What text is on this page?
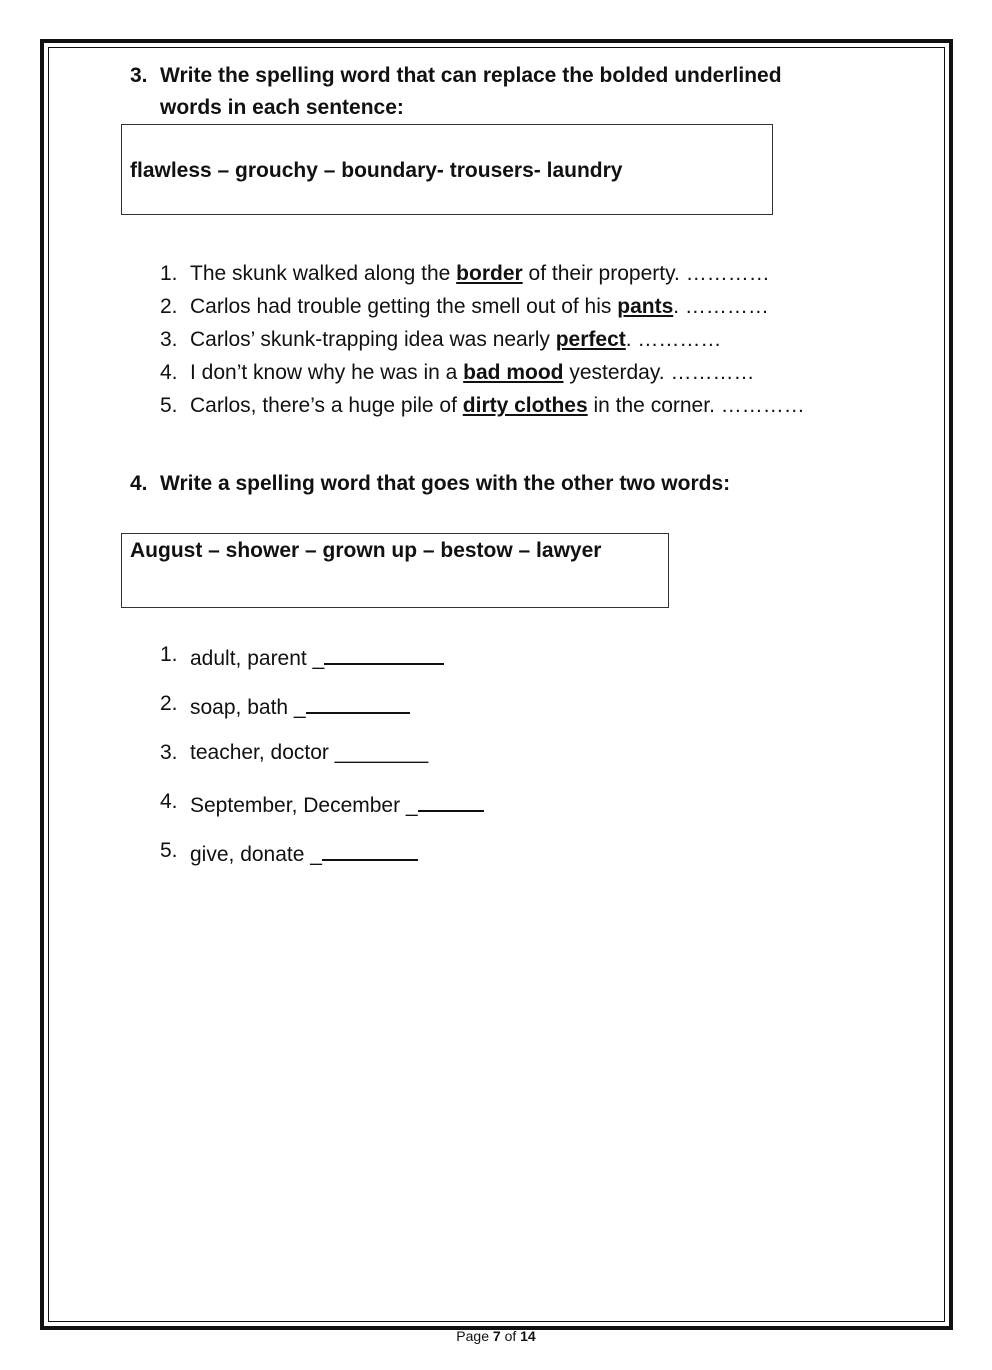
3. Write the spelling word that can replace the bolded underlined
words in each sentence:
flawless – grouchy – boundary- trousers- laundry
1. The skunk walked along the border of their property. …………
2. Carlos had trouble getting the smell out of his pants. …………
3. Carlos’ skunk-trapping idea was nearly perfect. …………
4. I don’t know why he was in a bad mood yesterday. …………
5. Carlos, there’s a huge pile of dirty clothes in the corner. …………
4. Write a spelling word that goes with the other two words:
August – shower – grown up – bestow – lawyer
1. adult, parent _
2. soap, bath _
3. teacher, doctor ________
4. September, December _
5. give, donate _
Page 7 of 14
